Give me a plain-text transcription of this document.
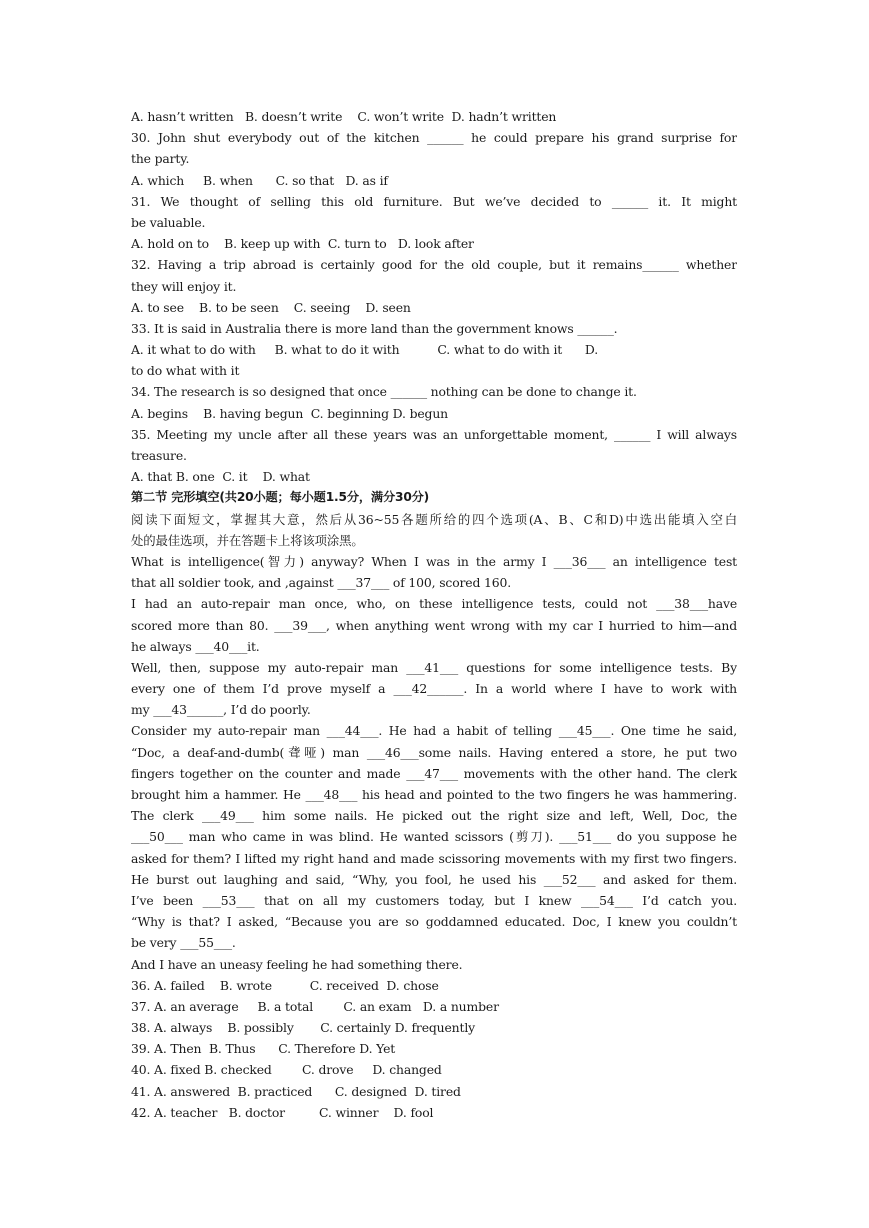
A. hasn’t written   B. doesn’t write    C. won’t write  D. hadn’t written
30. John shut everybody out of the kitchen ______ he could prepare his grand surprise for
the party.
A. which     B. when      C. so that   D. as if
31. We thought of selling this old furniture. But we’ve decided to ______ it. It might
be valuable.
A. hold on to    B. keep up with  C. turn to   D. look after
32. Having a trip abroad is certainly good for the old couple, but it remains______ whether
they will enjoy it.
A. to see    B. to be seen    C. seeing    D. seen
33. It is said in Australia there is more land than the government knows ______.
A. it what to do with     B. what to do it with          C. what to do with it      D.
to do what with it
34. The research is so designed that once ______ nothing can be done to change it.
A. begins    B. having begun  C. beginning D. begun
35. Meeting my uncle after all these years was an unforgettable moment, ______ I will always
treasure.
A. that B. one  C. it    D. what
第二节 完形填空(共20小题；每小题1.5分，满分30分)
阅读下面短文，掌握其大意，然后从36~55各题所给的四个选项(A、B、C和D)中选出能填入空白
处的最佳选项，并在答题卡上将该项涂黑。
What is intelligence(智力) anyway? When I was in the army I ___36___ an intelligence test
that all soldier took, and ,against ___37___ of 100, scored 160.
I had an auto-repair man once, who, on these intelligence tests, could not ___38___have
scored more than 80. ___39___, when anything went wrong with my car I hurried to him—and
he always ___40___it.
Well, then, suppose my auto-repair man ___41___ questions for some intelligence tests. By
every one of them I’d prove myself a ___42______. In a world where I have to work with
my ___43______, I’d do poorly.
Consider my auto-repair man ___44___. He had a habit of telling ___45___. One time he said,
“Doc, a deaf-and-dumb(聋哑) man ___46___some nails. Having entered a store, he put two
fingers together on the counter and made ___47___ movements with the other hand. The clerk
brought him a hammer. He ___48___ his head and pointed to the two fingers he was hammering.
The clerk ___49___ him some nails. He picked out the right size and left, Well, Doc, the
___50___ man who came in was blind. He wanted scissors (剪刀). ___51___ do you suppose he
asked for them? I lifted my right hand and made scissoring movements with my first two fingers.
He burst out laughing and said, “Why, you fool, he used his ___52___ and asked for them.
I’ve been ___53___ that on all my customers today, but I knew ___54___ I’d catch you.
“Why is that? I asked, “Because you are so goddamned educated. Doc, I knew you couldn’t
be very ___55___.
And I have an uneasy feeling he had something there.
36. A. failed    B. wrote          C. received  D. chose
37. A. an average     B. a total        C. an exam   D. a number
38. A. always    B. possibly       C. certainly D. frequently
39. A. Then  B. Thus      C. Therefore D. Yet
40. A. fixed B. checked        C. drove     D. changed
41. A. answered  B. practiced      C. designed  D. tired
42. A. teacher   B. doctor         C. winner    D. fool
